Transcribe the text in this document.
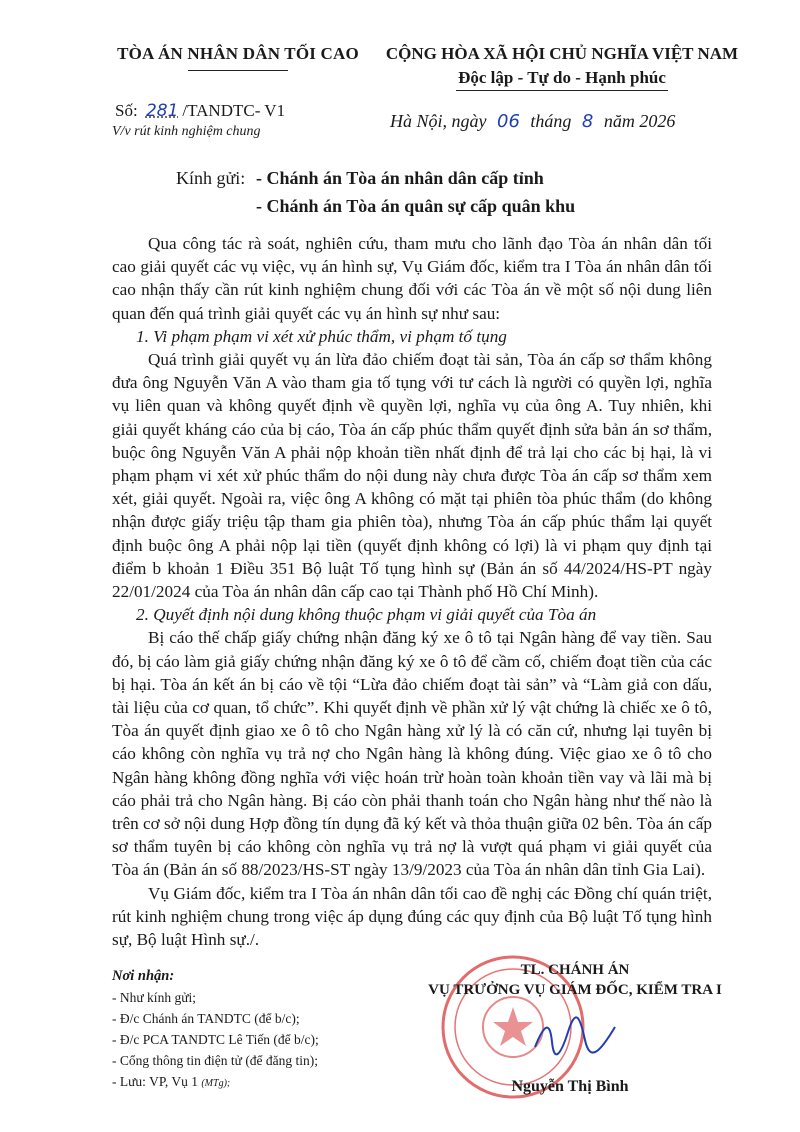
TÒA ÁN NHÂN DÂN TỐI CAO	CỘNG HÒA XÃ HỘI CHỦ NGHĨA VIỆT NAM
Độc lập - Tự do - Hạnh phúc
Số: 281 /TANDTC- V1
V/v rút kinh nghiệm chung
Hà Nội, ngày 06 tháng 8 năm 2026
Kính gửi: - Chánh án Tòa án nhân dân cấp tỉnh
- Chánh án Tòa án quân sự cấp quân khu

Qua công tác rà soát, nghiên cứu, tham mưu cho lãnh đạo Tòa án nhân dân tối cao giải quyết các vụ việc, vụ án hình sự, Vụ Giám đốc, kiểm tra I Tòa án nhân dân tối cao nhận thấy cần rút kinh nghiệm chung đối với các Tòa án về một số nội dung liên quan đến quá trình giải quyết các vụ án hình sự như sau:

1. Vi phạm phạm vi xét xử phúc thẩm, vi phạm tố tụng

Quá trình giải quyết vụ án lừa đảo chiếm đoạt tài sản, Tòa án cấp sơ thẩm không đưa ông Nguyễn Văn A vào tham gia tố tụng với tư cách là người có quyền lợi, nghĩa vụ liên quan và không quyết định về quyền lợi, nghĩa vụ của ông A. Tuy nhiên, khi giải quyết kháng cáo của bị cáo, Tòa án cấp phúc thẩm quyết định sửa bản án sơ thẩm, buộc ông Nguyễn Văn A phải nộp khoản tiền nhất định để trả lại cho các bị hại, là vi phạm phạm vi xét xử phúc thẩm do nội dung này chưa được Tòa án cấp sơ thẩm xem xét, giải quyết. Ngoài ra, việc ông A không có mặt tại phiên tòa phúc thẩm (do không nhận được giấy triệu tập tham gia phiên tòa), nhưng Tòa án cấp phúc thẩm lại quyết định buộc ông A phải nộp lại tiền (quyết định không có lợi) là vi phạm quy định tại điểm b khoản 1 Điều 351 Bộ luật Tố tụng hình sự (Bản án số 44/2024/HS-PT ngày 22/01/2024 của Tòa án nhân dân cấp cao tại Thành phố Hồ Chí Minh).

2. Quyết định nội dung không thuộc phạm vi giải quyết của Tòa án

Bị cáo thế chấp giấy chứng nhận đăng ký xe ô tô tại Ngân hàng để vay tiền. Sau đó, bị cáo làm giả giấy chứng nhận đăng ký xe ô tô để cầm cố, chiếm đoạt tiền của các bị hại. Tòa án kết án bị cáo về tội “Lừa đảo chiếm đoạt tài sản” và “Làm giả con dấu, tài liệu của cơ quan, tổ chức”. Khi quyết định về phần xử lý vật chứng là chiếc xe ô tô, Tòa án quyết định giao xe ô tô cho Ngân hàng xử lý là có căn cứ, nhưng lại tuyên bị cáo không còn nghĩa vụ trả nợ cho Ngân hàng là không đúng. Việc giao xe ô tô cho Ngân hàng không đồng nghĩa với việc hoán trừ hoàn toàn khoản tiền vay và lãi mà bị cáo phải trả cho Ngân hàng. Bị cáo còn phải thanh toán cho Ngân hàng như thế nào là trên cơ sở nội dung Hợp đồng tín dụng đã ký kết và thỏa thuận giữa 02 bên. Tòa án cấp sơ thẩm tuyên bị cáo không còn nghĩa vụ trả nợ là vượt quá phạm vi giải quyết của Tòa án (Bản án số 88/2023/HS-ST ngày 13/9/2023 của Tòa án nhân dân tỉnh Gia Lai).

Vụ Giám đốc, kiểm tra I Tòa án nhân dân tối cao đề nghị các Đồng chí quán triệt, rút kinh nghiệm chung trong việc áp dụng đúng các quy định của Bộ luật Tố tụng hình sự, Bộ luật Hình sự./.

Nơi nhận:
- Như kính gửi;
- Đ/c Chánh án TANDTC (để b/c);
- Đ/c PCA TANDTC Lê Tiến (để b/c);
- Cổng thông tin điện tử (để đăng tin);
- Lưu: VP, Vụ 1 (MTg);
TL. CHÁNH ÁN
VỤ TRƯỞNG VỤ GIÁM ĐỐC, KIỂM TRA I
Nguyễn Thị Bình
